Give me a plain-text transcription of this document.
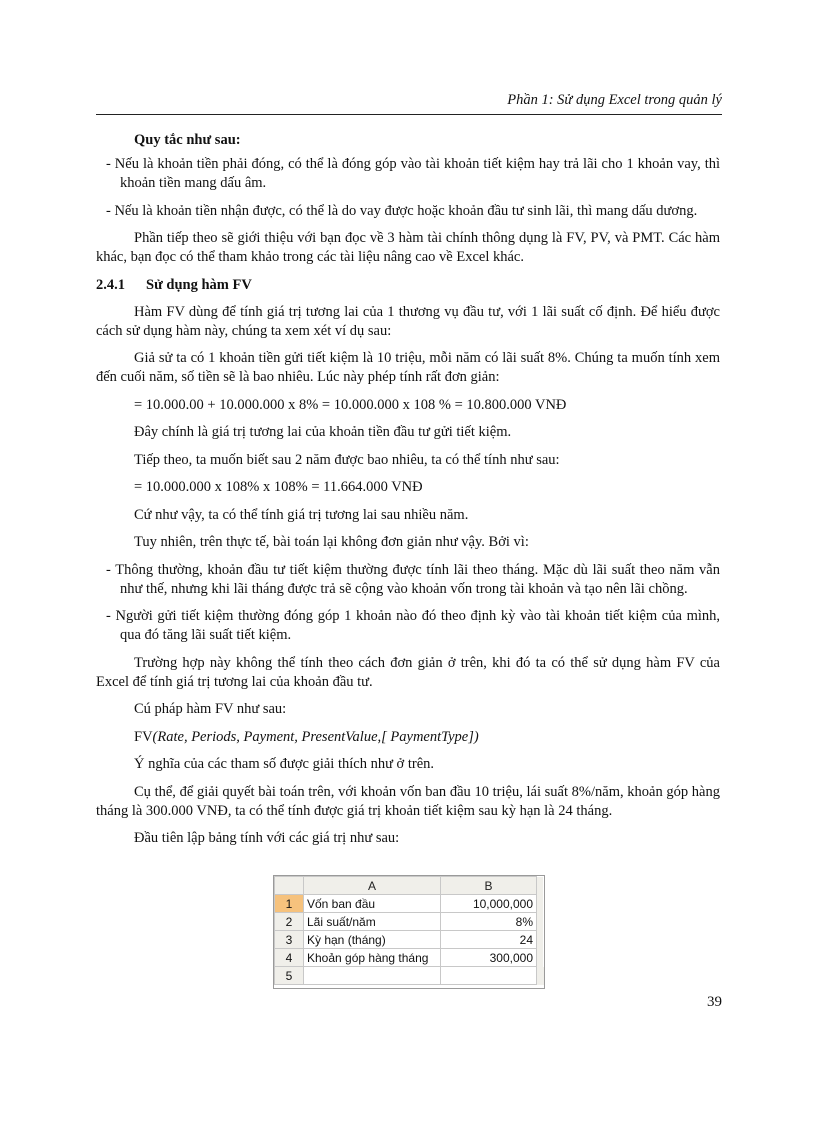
Phần 1: Sử dụng Excel trong quản lý

Quy tắc như sau:

- Nếu là khoản tiền phải đóng, có thể là đóng góp vào tài khoản tiết kiệm hay trả lãi cho 1 khoản vay, thì khoản tiền mang dấu âm.

- Nếu là khoản tiền nhận được, có thể là do vay được hoặc khoản đầu tư sinh lãi, thì mang dấu dương.

Phần tiếp theo sẽ giới thiệu với bạn đọc về 3 hàm tài chính thông dụng là FV, PV, và PMT. Các hàm khác, bạn đọc có thể tham khảo trong các tài liệu nâng cao về Excel khác.

2.4.1 Sử dụng hàm FV

Hàm FV dùng để tính giá trị tương lai của 1 thương vụ đầu tư, với 1 lãi suất cố định. Để hiểu được cách sử dụng hàm này, chúng ta xem xét ví dụ sau:

Giả sử ta có 1 khoản tiền gửi tiết kiệm là 10 triệu, mỗi năm có lãi suất 8%. Chúng ta muốn tính xem đến cuối năm, số tiền sẽ là bao nhiêu. Lúc này phép tính rất đơn giản:

= 10.000.00 + 10.000.000 x 8% = 10.000.000 x 108 % = 10.800.000 VNĐ

Đây chính là giá trị tương lai của khoản tiền đầu tư gửi tiết kiệm.

Tiếp theo, ta muốn biết sau 2 năm được bao nhiêu, ta có thể tính như sau:

= 10.000.000 x 108% x 108% = 11.664.000 VNĐ

Cứ như vậy, ta có thể tính giá trị tương lai sau nhiều năm.

Tuy nhiên, trên thực tế, bài toán lại không đơn giản như vậy. Bởi vì:

- Thông thường, khoản đầu tư tiết kiệm thường được tính lãi theo tháng. Mặc dù lãi suất theo năm vẫn như thế, nhưng khi lãi tháng được trả sẽ cộng vào khoản vốn trong tài khoản và tạo nên lãi chồng.

- Người gửi tiết kiệm thường đóng góp 1 khoản nào đó theo định kỳ vào tài khoản tiết kiệm của mình, qua đó tăng lãi suất tiết kiệm.

Trường hợp này không thể tính theo cách đơn giản ở trên, khi đó ta có thể sử dụng hàm FV của Excel để tính giá trị tương lai của khoản đầu tư.

Cú pháp hàm FV như sau:

FV(Rate, Periods, Payment, PresentValue,[ PaymentType])

Ý nghĩa của các tham số được giải thích như ở trên.

Cụ thể, để giải quyết bài toán trên, với khoản vốn ban đầu 10 triệu, lái suất 8%/năm, khoản góp hàng tháng là 300.000 VNĐ, ta có thể tính được giá trị khoản tiết kiệm sau kỳ hạn là 24 tháng.

Đầu tiên lập bảng tính với các giá trị như sau:

	A	B	
1	Vốn ban đầu	10,000,000	
2	Lãi suất/năm	8%	
3	Kỳ hạn (tháng)	24	
4	Khoản góp hàng tháng	300,000	
5			
39
